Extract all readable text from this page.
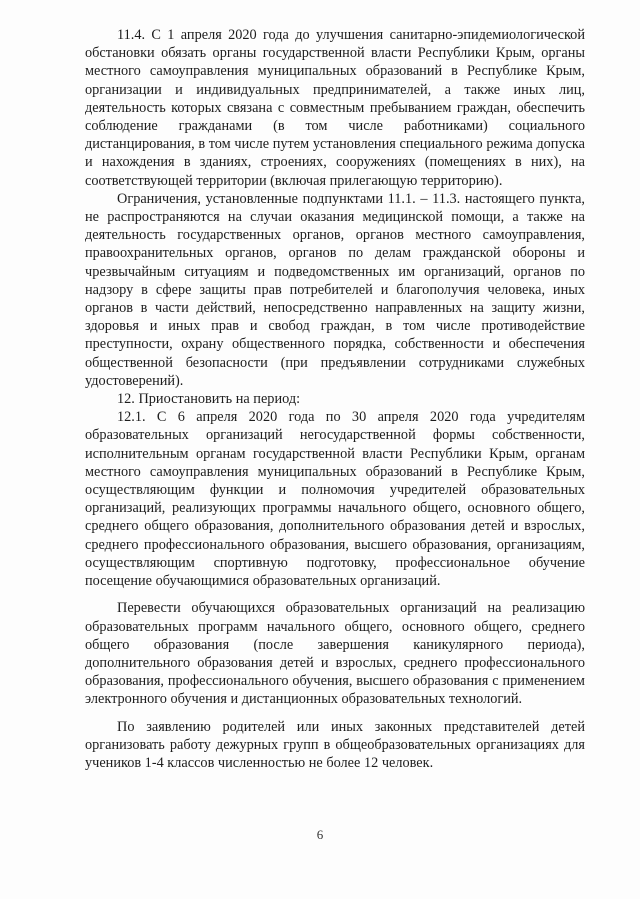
11.4. С 1 апреля 2020 года до улучшения санитарно-эпидемиологической обстановки обязать органы государственной власти Республики Крым, органы местного самоуправления муниципальных образований в Республике Крым, организации и индивидуальных предпринимателей, а также иных лиц, деятельность которых связана с совместным пребыванием граждан, обеспечить соблюдение гражданами (в том числе работниками) социального дистанцирования, в том числе путем установления специального режима допуска и нахождения в зданиях, строениях, сооружениях (помещениях в них), на соответствующей территории (включая прилегающую территорию).

Ограничения, установленные подпунктами 11.1. – 11.3. настоящего пункта, не распространяются на случаи оказания медицинской помощи, а также на деятельность государственных органов, органов местного самоуправления, правоохранительных органов, органов по делам гражданской обороны и чрезвычайным ситуациям и подведомственных им организаций, органов по надзору в сфере защиты прав потребителей и благополучия человека, иных органов в части действий, непосредственно направленных на защиту жизни, здоровья и иных прав и свобод граждан, в том числе противодействие преступности, охрану общественного порядка, собственности и обеспечения общественной безопасности (при предъявлении сотрудниками служебных удостоверений).

12. Приостановить на период:

12.1. С 6 апреля 2020 года по 30 апреля 2020 года учредителям образовательных организаций негосударственной формы собственности, исполнительным органам государственной власти Республики Крым, органам местного самоуправления муниципальных образований в Республике Крым, осуществляющим функции и полномочия учредителей образовательных организаций, реализующих программы начального общего, основного общего, среднего общего образования, дополнительного образования детей и взрослых, среднего профессионального образования, высшего образования, организациям, осуществляющим спортивную подготовку, профессиональное обучение посещение обучающимися образовательных организаций.

Перевести обучающихся образовательных организаций на реализацию образовательных программ начального общего, основного общего, среднего общего образования (после завершения каникулярного периода), дополнительного образования детей и взрослых, среднего профессионального образования, профессионального обучения, высшего образования с применением электронного обучения и дистанционных образовательных технологий.

По заявлению родителей или иных законных представителей детей организовать работу дежурных групп в общеобразовательных организациях для учеников 1-4 классов численностью не более 12 человек.

6
